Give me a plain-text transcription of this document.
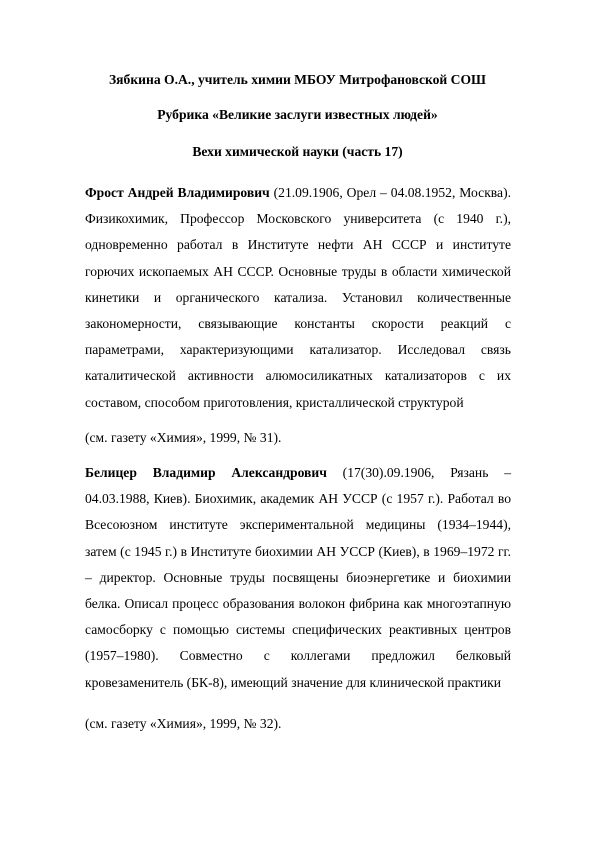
Зябкина О.А., учитель химии МБОУ Митрофановской СОШ
Рубрика «Великие заслуги известных людей»
Вехи химической науки (часть 17)

Фрост Андрей Владимирович (21.09.1906, Орел – 04.08.1952, Москва). Физикохимик, Профессор Московского университета (с 1940 г.), одновременно работал в Институте нефти АН СССР и институте горючих ископаемых АН СССР. Основные труды в области химической кинетики и органического катализа. Установил количественные закономерности, связывающие константы скорости реакций с параметрами, характеризующими катализатор. Исследовал связь каталитической активности алюмосиликатных катализаторов с их составом, способом приготовления, кристаллической структурой

(см. газету «Химия», 1999, № 31).

Белицер Владимир Александрович (17(30).09.1906, Рязань – 04.03.1988, Киев). Биохимик, академик АН УССР (с 1957 г.). Работал во Всесоюзном институте экспериментальной медицины (1934–1944), затем (с 1945 г.) в Институте биохимии АН УССР (Киев), в 1969–1972 гг. – директор. Основные труды посвящены биоэнергетике и биохимии белка. Описал процесс образования волокон фибрина как многоэтапную самосборку с помощью системы специфических реактивных центров (1957–1980). Совместно с коллегами предложил белковый кровезаменитель (БК-8), имеющий значение для клинической практики

(см. газету «Химия», 1999, № 32).
